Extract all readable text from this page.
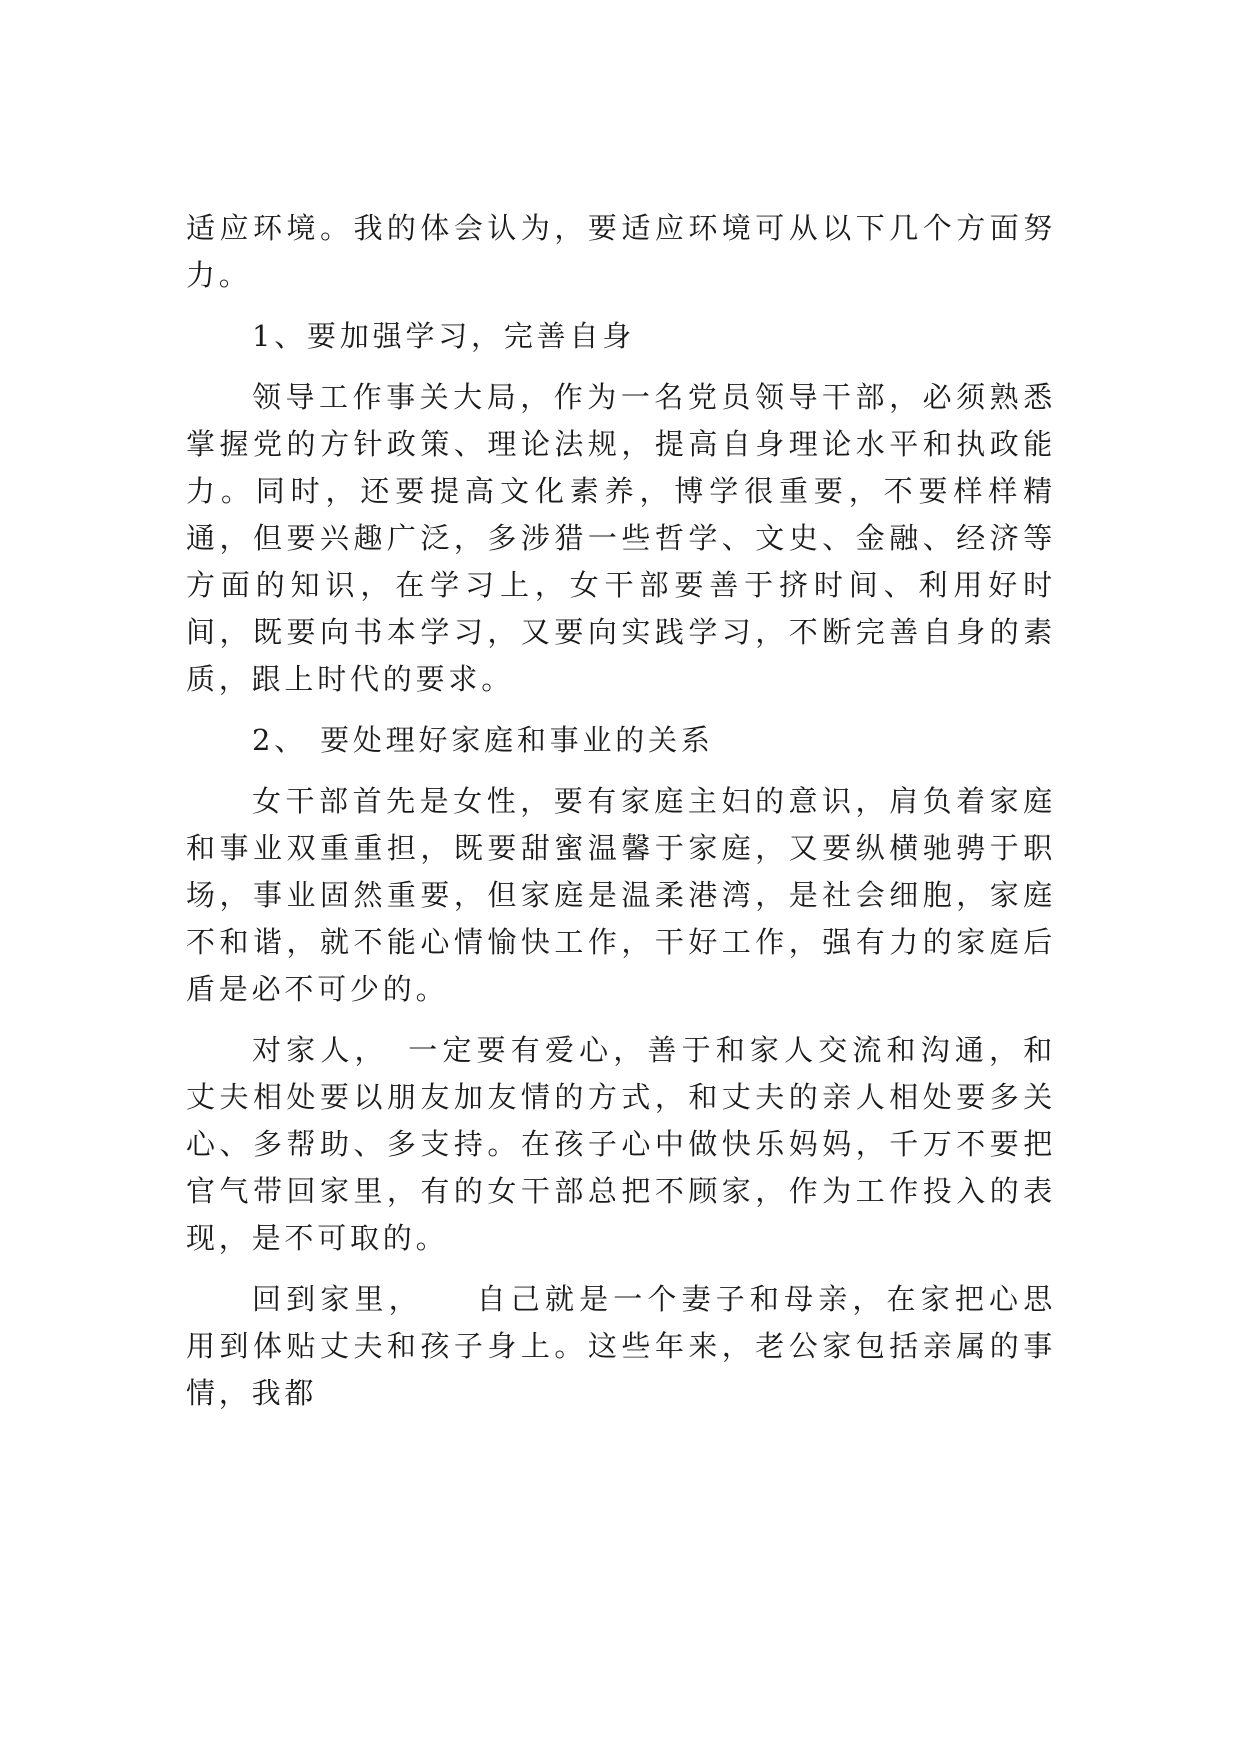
适应环境。我的体会认为，要适应环境可从以下几个方面努力。

1、要加强学习，完善自身

领导工作事关大局，作为一名党员领导干部，必须熟悉掌握党的方针政策、理论法规，提高自身理论水平和执政能力。同时，还要提高文化素养，博学很重要，不要样样精通，但要兴趣广泛，多涉猎一些哲学、文史、金融、经济等方面的知识，在学习上，女干部要善于挤时间、利用好时间，既要向书本学习，又要向实践学习，不断完善自身的素质，跟上时代的要求。

2、 要处理好家庭和事业的关系

女干部首先是女性，要有家庭主妇的意识，肩负着家庭和事业双重重担，既要甜蜜温馨于家庭，又要纵横驰骋于职场，事业固然重要，但家庭是温柔港湾，是社会细胞，家庭不和谐，就不能心情愉快工作，干好工作，强有力的家庭后盾是必不可少的。

对家人，　一定要有爱心，善于和家人交流和沟通，和丈夫相处要以朋友加友情的方式，和丈夫的亲人相处要多关心、多帮助、多支持。在孩子心中做快乐妈妈，千万不要把官气带回家里，有的女干部总把不顾家，作为工作投入的表现，是不可取的。

回到家里，　　自己就是一个妻子和母亲，在家把心思用到体贴丈夫和孩子身上。这些年来，老公家包括亲属的事情，我都
